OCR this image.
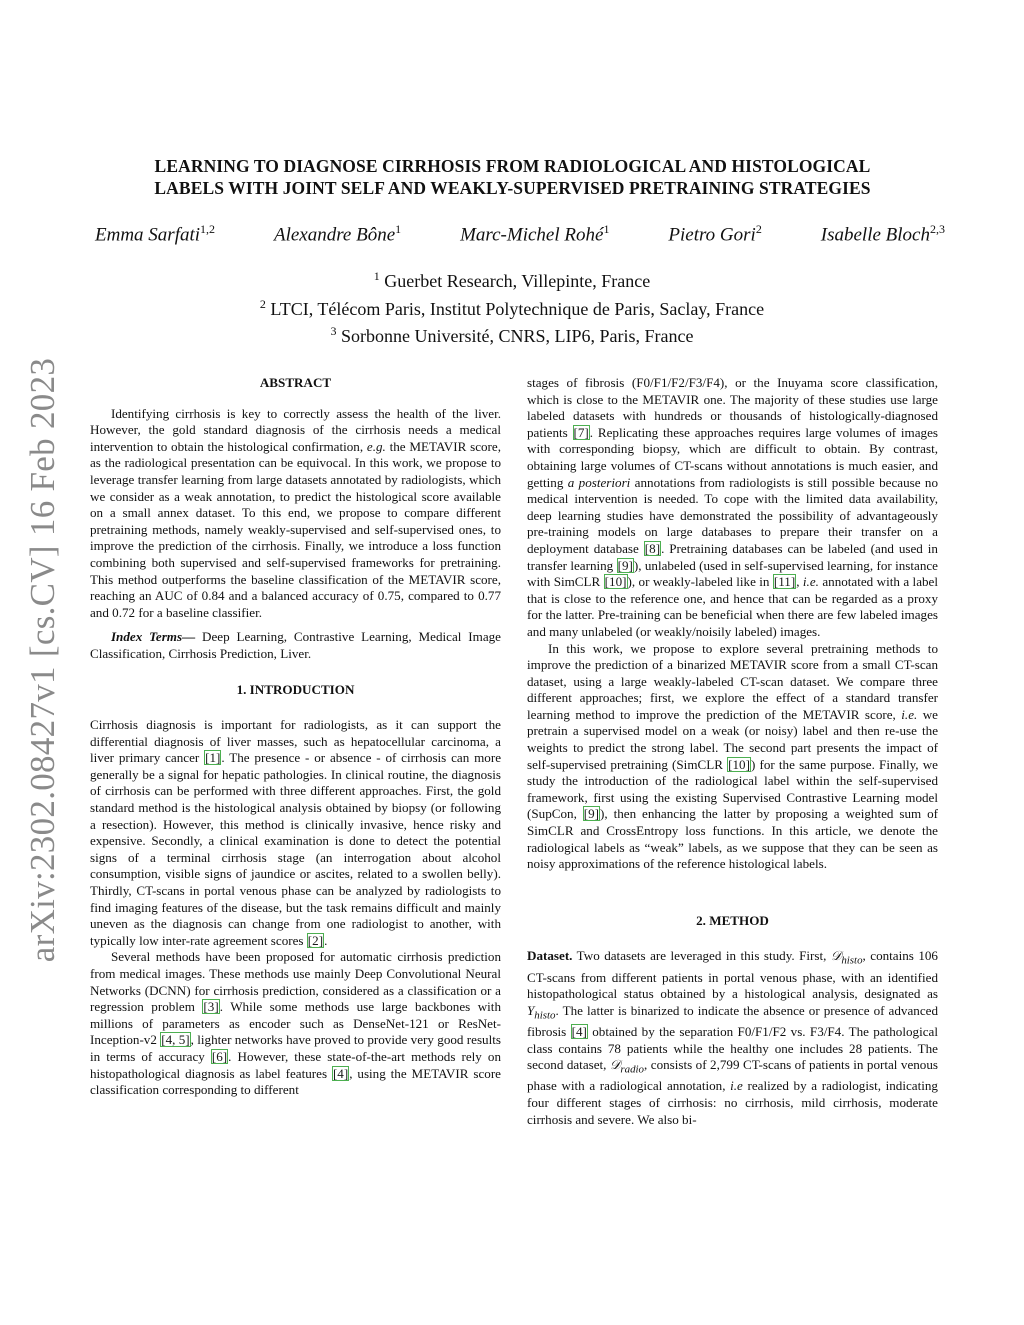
arXiv:2302.08427v1 [cs.CV] 16 Feb 2023
LEARNING TO DIAGNOSE CIRRHOSIS FROM RADIOLOGICAL AND HISTOLOGICAL
LABELS WITH JOINT SELF AND WEAKLY-SUPERVISED PRETRAINING STRATEGIES
Emma Sarfati$^{1,2}$	Alexandre Bône$^1$	Marc-Michel Rohé$^1$	Pietro Gori$^2$	Isabelle Bloch$^{2,3}$
$^1$ Guerbet Research, Villepinte, France
$^2$ LTCI, Télécom Paris, Institut Polytechnique de Paris, Saclay, France
$^3$ Sorbonne Université, CNRS, LIP6, Paris, France
ABSTRACT

Identifying cirrhosis is key to correctly assess the health of the liver. However, the gold standard diagnosis of the cirrhosis needs a medical intervention to obtain the histological confirmation, e.g. the METAVIR score, as the radiological presentation can be equivocal. In this work, we propose to leverage transfer learning from large datasets annotated by radiologists, which we consider as a weak annotation, to predict the histological score available on a small annex dataset. To this end, we propose to compare different pretraining methods, namely weakly-supervised and self-supervised ones, to improve the prediction of the cirrhosis. Finally, we introduce a loss function combining both supervised and self-supervised frameworks for pretraining. This method outperforms the baseline classification of the METAVIR score, reaching an AUC of 0.84 and a balanced accuracy of 0.75, compared to 0.77 and 0.72 for a baseline classifier.

Index Terms— Deep Learning, Contrastive Learning, Medical Image Classification, Cirrhosis Prediction, Liver.

1. INTRODUCTION

Cirrhosis diagnosis is important for radiologists, as it can support the differential diagnosis of liver masses, such as hepatocellular carcinoma, a liver primary cancer [1]. The presence - or absence - of cirrhosis can more generally be a signal for hepatic pathologies. In clinical routine, the diagnosis of cirrhosis can be performed with three different approaches. First, the gold standard method is the histological analysis obtained by biopsy (or following a resection). However, this method is clinically invasive, hence risky and expensive. Secondly, a clinical examination is done to detect the potential signs of a terminal cirrhosis stage (an interrogation about alcohol consumption, visible signs of jaundice or ascites, related to a swollen belly). Thirdly, CT-scans in portal venous phase can be analyzed by radiologists to find imaging features of the disease, but the task remains difficult and mainly uneven as the diagnosis can change from one radiologist to another, with typically low inter-rate agreement scores [2].

Several methods have been proposed for automatic cirrhosis prediction from medical images. These methods use mainly Deep Convolutional Neural Networks (DCNN) for cirrhosis prediction, considered as a classification or a regression problem [3]. While some methods use large backbones with millions of parameters as encoder such as DenseNet-121 or ResNet-Inception-v2 [4, 5], lighter networks have proved to provide very good results in terms of accuracy [6]. However, these state-of-the-art methods rely on histopathological diagnosis as label features [4], using the METAVIR score classification corresponding to different

stages of fibrosis (F0/F1/F2/F3/F4), or the Inuyama score classification, which is close to the METAVIR one. The majority of these studies use large labeled datasets with hundreds or thousands of histologically-diagnosed patients [7]. Replicating these approaches requires large volumes of images with corresponding biopsy, which are difficult to obtain. By contrast, obtaining large volumes of CT-scans without annotations is much easier, and getting a posteriori annotations from radiologists is still possible because no medical intervention is needed. To cope with the limited data availability, deep learning studies have demonstrated the possibility of advantageously pre-training models on large databases to prepare their transfer on a deployment database [8]. Pretraining databases can be labeled (and used in transfer learning [9]), unlabeled (used in self-supervised learning, for instance with SimCLR [10]), or weakly-labeled like in [11], i.e. annotated with a label that is close to the reference one, and hence that can be regarded as a proxy for the latter. Pre-training can be beneficial when there are few labeled images and many unlabeled (or weakly/noisily labeled) images.

In this work, we propose to explore several pretraining methods to improve the prediction of a binarized METAVIR score from a small CT-scan dataset, using a large weakly-labeled CT-scan dataset. We compare three different approaches; first, we explore the effect of a standard transfer learning method to improve the prediction of the METAVIR score, i.e. we pretrain a supervised model on a weak (or noisy) label and then re-use the weights to predict the strong label. The second part presents the impact of self-supervised pretraining (SimCLR [10]) for the same purpose. Finally, we study the introduction of the radiological label within the self-supervised framework, first using the existing Supervised Contrastive Learning model (SupCon, [9]), then enhancing the latter by proposing a weighted sum of SimCLR and CrossEntropy loss functions. In this article, we denote the radiological labels as “weak” labels, as we suppose that they can be seen as noisy approximations of the reference histological labels.

2. METHOD

Dataset. Two datasets are leveraged in this study. First, 𝒟$_{histo}$, contains 106 CT-scans from different patients in portal venous phase, with an identified histopathological status obtained by a histological analysis, designated as $Y_{histo}$. The latter is binarized to indicate the absence or presence of advanced fibrosis [4] obtained by the separation F0/F1/F2 vs. F3/F4. The pathological class contains 78 patients while the healthy one includes 28 patients. The second dataset, 𝒟$_{radio}$, consists of 2,799 CT-scans of patients in portal venous phase with a radiological annotation, i.e realized by a radiologist, indicating four different stages of cirrhosis: no cirrhosis, mild cirrhosis, moderate cirrhosis and severe. We also bi-
